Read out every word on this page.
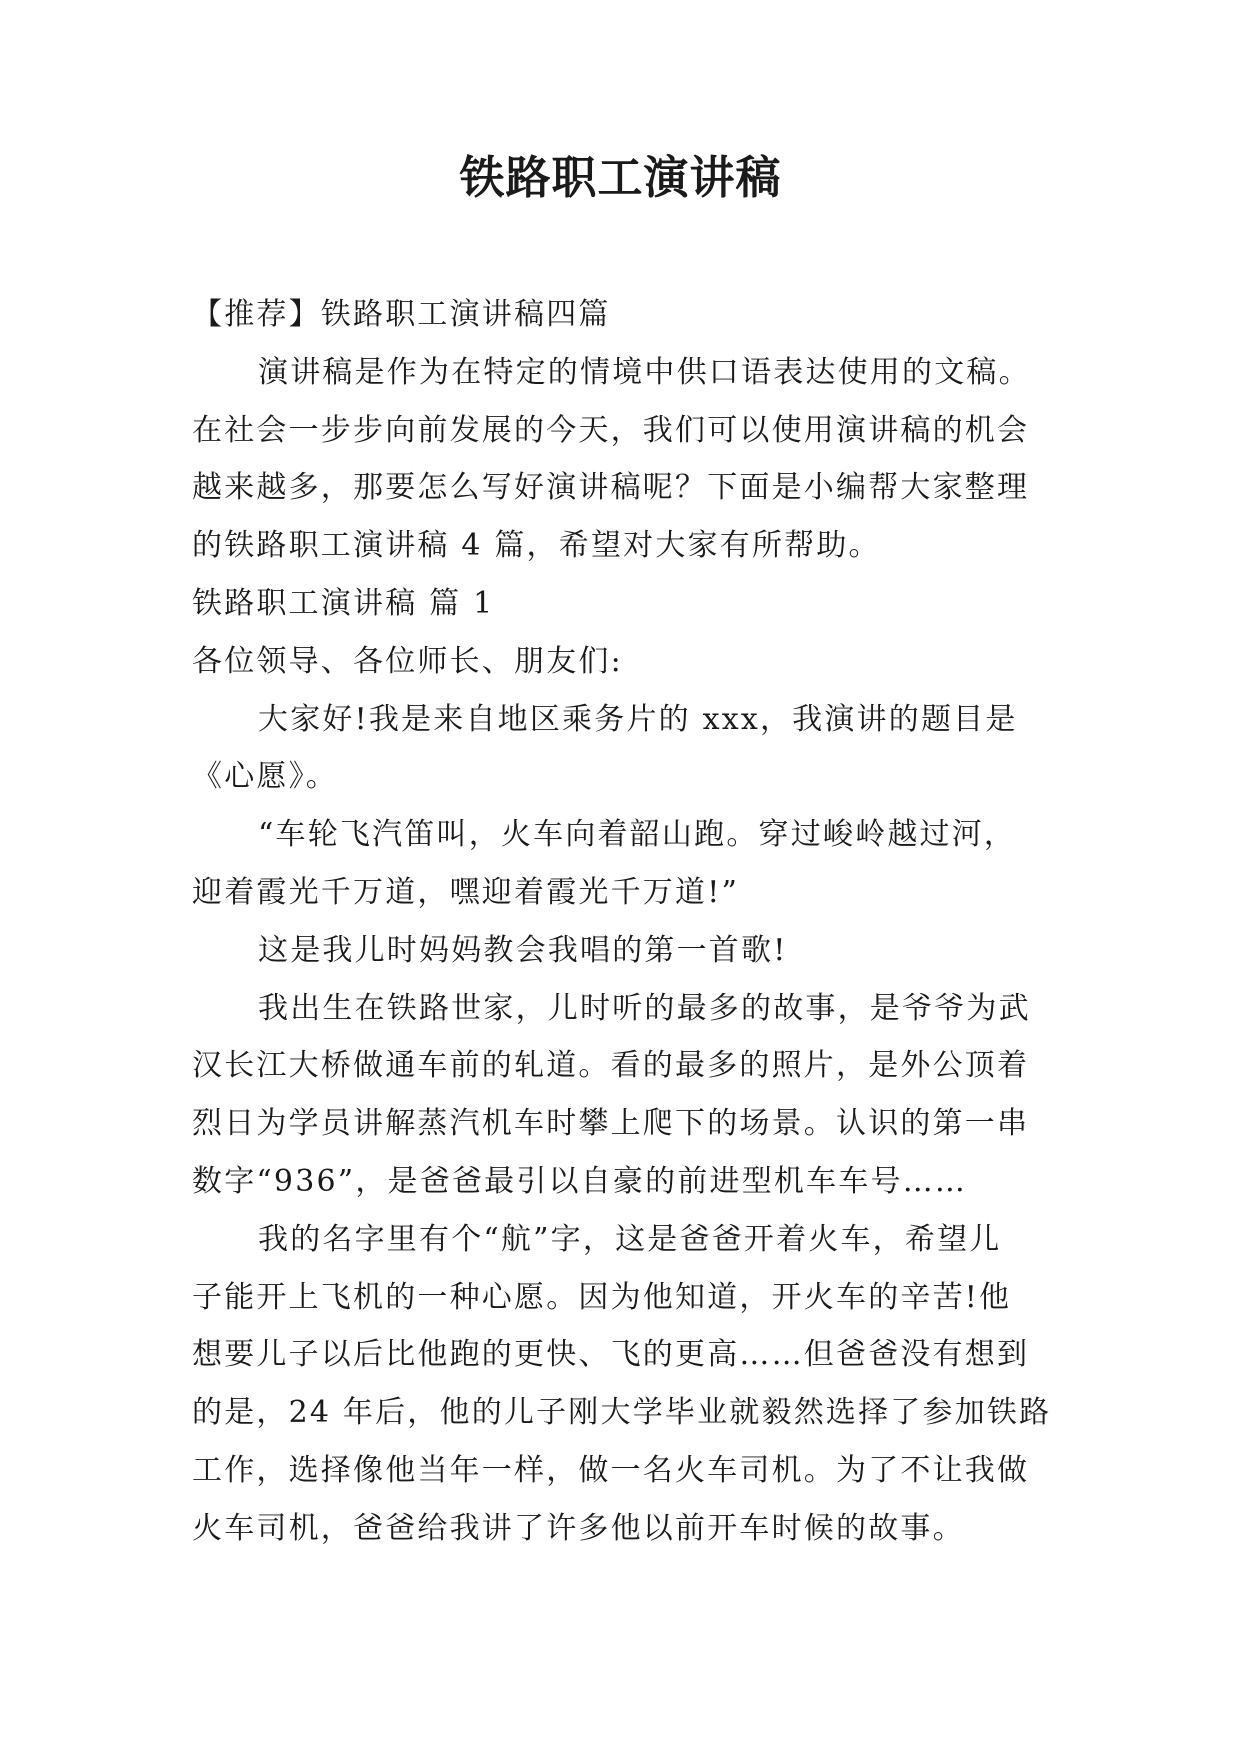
铁路职工演讲稿

【推荐】铁路职工演讲稿四篇

演讲稿是作为在特定的情境中供口语表达使用的文稿。

在社会一步步向前发展的今天，我们可以使用演讲稿的机会

越来越多，那要怎么写好演讲稿呢？下面是小编帮大家整理

的铁路职工演讲稿 4 篇，希望对大家有所帮助。

铁路职工演讲稿 篇 1

各位领导、各位师长、朋友们:

大家好!我是来自地区乘务片的 xxx，我演讲的题目是

《心愿》。

“车轮飞汽笛叫，火车向着韶山跑。穿过峻岭越过河，

迎着霞光千万道，嘿迎着霞光千万道!”

这是我儿时妈妈教会我唱的第一首歌!

我出生在铁路世家，儿时听的最多的故事，是爷爷为武

汉长江大桥做通车前的轧道。看的最多的照片，是外公顶着

烈日为学员讲解蒸汽机车时攀上爬下的场景。认识的第一串

数字“936”，是爸爸最引以自豪的前进型机车车号……

我的名字里有个“航”字，这是爸爸开着火车，希望儿

子能开上飞机的一种心愿。因为他知道，开火车的辛苦!他

想要儿子以后比他跑的更快、飞的更高……但爸爸没有想到

的是，24 年后，他的儿子刚大学毕业就毅然选择了参加铁路

工作，选择像他当年一样，做一名火车司机。为了不让我做

火车司机，爸爸给我讲了许多他以前开车时候的故事。
